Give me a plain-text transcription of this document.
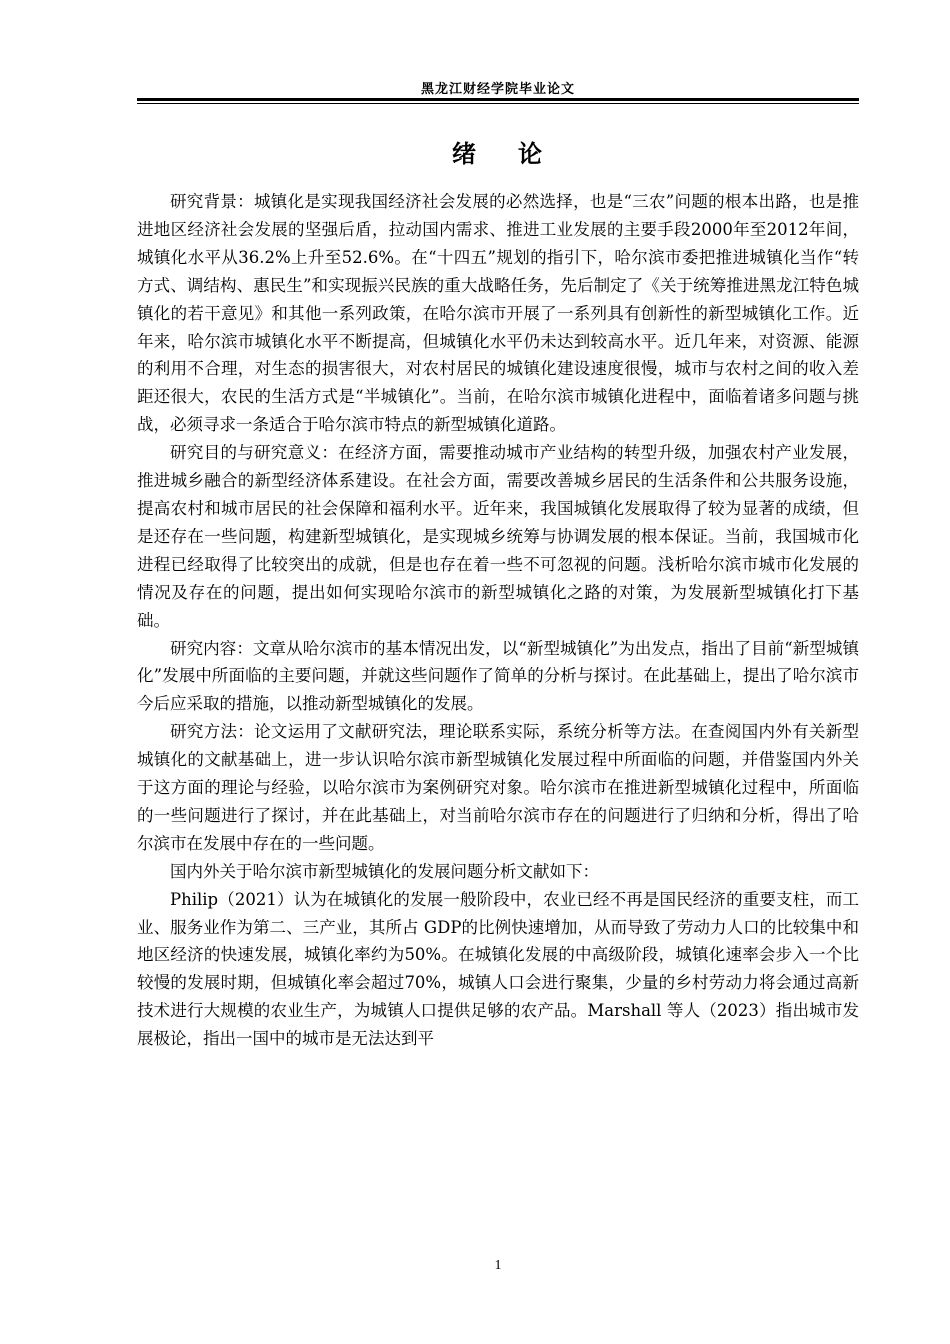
黑龙江财经学院毕业论文
绪 论

研究背景：城镇化是实现我国经济社会发展的必然选择，也是“三农”问题的根本出路，也是推进地区经济社会发展的坚强后盾，拉动国内需求、推进工业发展的主要手段2000年至2012年间，城镇化水平从36.2%上升至52.6%。在“十四五”规划的指引下，哈尔滨市委把推进城镇化当作“转方式、调结构、惠民生”和实现振兴民族的重大战略任务，先后制定了《关于统筹推进黑龙江特色城镇化的若干意见》和其他一系列政策，在哈尔滨市开展了一系列具有创新性的新型城镇化工作。近年来，哈尔滨市城镇化水平不断提高，但城镇化水平仍未达到较高水平。近几年来，对资源、能源的利用不合理，对生态的损害很大，对农村居民的城镇化建设速度很慢，城市与农村之间的收入差距还很大，农民的生活方式是“半城镇化”。当前，在哈尔滨市城镇化进程中，面临着诸多问题与挑战，必须寻求一条适合于哈尔滨市特点的新型城镇化道路。

研究目的与研究意义：在经济方面，需要推动城市产业结构的转型升级，加强农村产业发展，推进城乡融合的新型经济体系建设。在社会方面，需要改善城乡居民的生活条件和公共服务设施，提高农村和城市居民的社会保障和福利水平。近年来，我国城镇化发展取得了较为显著的成绩，但是还存在一些问题，构建新型城镇化，是实现城乡统筹与协调发展的根本保证。当前，我国城市化进程已经取得了比较突出的成就，但是也存在着一些不可忽视的问题。浅析哈尔滨市城市化发展的情况及存在的问题，提出如何实现哈尔滨市的新型城镇化之路的对策，为发展新型城镇化打下基础。

研究内容：文章从哈尔滨市的基本情况出发，以“新型城镇化”为出发点，指出了目前“新型城镇化”发展中所面临的主要问题，并就这些问题作了简单的分析与探讨。在此基础上，提出了哈尔滨市今后应采取的措施，以推动新型城镇化的发展。

研究方法：论文运用了文献研究法，理论联系实际，系统分析等方法。在查阅国内外有关新型城镇化的文献基础上，进一步认识哈尔滨市新型城镇化发展过程中所面临的问题，并借鉴国内外关于这方面的理论与经验，以哈尔滨市为案例研究对象。哈尔滨市在推进新型城镇化过程中，所面临的一些问题进行了探讨，并在此基础上，对当前哈尔滨市存在的问题进行了归纳和分析，得出了哈尔滨市在发展中存在的一些问题。

国内外关于哈尔滨市新型城镇化的发展问题分析文献如下：

Philip（2021）认为在城镇化的发展一般阶段中，农业已经不再是国民经济的重要支柱，而工业、服务业作为第二、三产业，其所占 GDP的比例快速增加，从而导致了劳动力人口的比较集中和地区经济的快速发展，城镇化率约为50%。在城镇化发展的中高级阶段，城镇化速率会步入一个比较慢的发展时期，但城镇化率会超过70%，城镇人口会进行聚集，少量的乡村劳动力将会通过高新技术进行大规模的农业生产，为城镇人口提供足够的农产品。Marshall 等人（2023）指出城市发展极论，指出一国中的城市是无法达到平

1
